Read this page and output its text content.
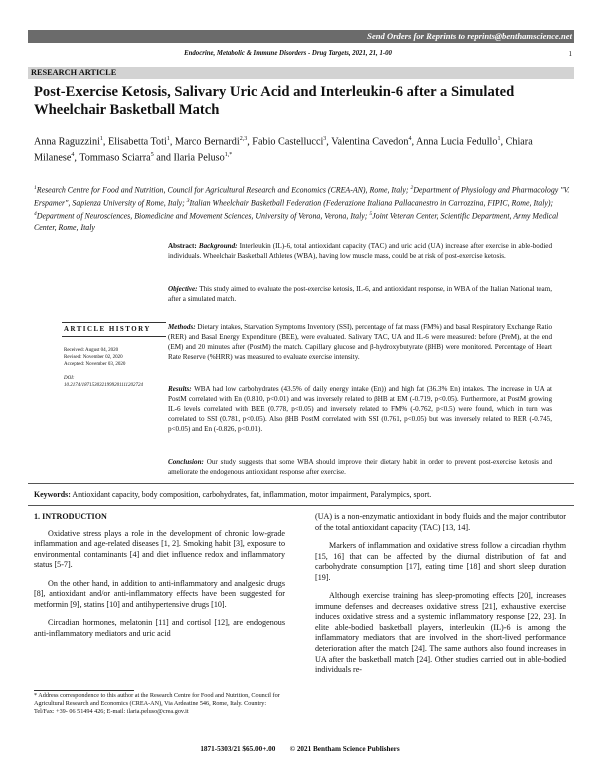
Send Orders for Reprints to reprints@benthamscience.net
Endocrine, Metabolic & Immune Disorders - Drug Targets, 2021, 21, 1-00	1
RESEARCH ARTICLE
Post-Exercise Ketosis, Salivary Uric Acid and Interleukin-6 after a Simulated Wheelchair Basketball Match
Anna Raguzzini$^1$, Elisabetta Toti$^1$, Marco Bernardi$^{2,3}$, Fabio Castellucci$^3$, Valentina Cavedon$^4$, Anna Lucia Fedullo$^1$, Chiara Milanese$^4$, Tommaso Sciarra$^5$ and Ilaria Peluso$^{1,*}$
$^1$Research Centre for Food and Nutrition, Council for Agricultural Research and Economics (CREA-AN), Rome, Italy; $^2$Department of Physiology and Pharmacology "V. Erspamer", Sapienza University of Rome, Italy; $^3$Italian Wheelchair Basketball Federation (Federazione Italiana Pallacanestro in Carrozzina, FIPIC, Rome, Italy); $^4$Department of Neurosciences, Biomedicine and Movement Sciences, University of Verona, Verona, Italy; $^5$Joint Veteran Center, Scientific Department, Army Medical Center, Rome, Italy
ARTICLE HISTORY
Received: August 04, 2020
Revised: November 02, 2020
Accepted: November 03, 2020
DOI:
10.2174/1871530321999201111202724
Abstract: Background: Interleukin (IL)-6, total antioxidant capacity (TAC) and uric acid (UA) increase after exercise in able-bodied individuals. Wheelchair Basketball Athletes (WBA), having low muscle mass, could be at risk of post-exercise ketosis.
Objective: This study aimed to evaluate the post-exercise ketosis, IL-6, and antioxidant response, in WBA of the Italian National team, after a simulated match.
Methods: Dietary intakes, Starvation Symptoms Inventory (SSI), percentage of fat mass (FM%) and basal Respiratory Exchange Ratio (RER) and Basal Energy Expenditure (BEE), were evaluated. Salivary TAC, UA and IL-6 were measured: before (PreM), at the end (EM) and 20 minutes after (PostM) the match. Capillary glucose and β-hydroxybutyrate (βHB) were monitored. Percentage of Heart Rate Reserve (%HRR) was measured to evaluate exercise intensity.
Results: WBA had low carbohydrates (43.5% of daily energy intake (En)) and high fat (36.3% En) intakes. The increase in UA at PostM correlated with En (0.810, p<0.01) and was inversely related to βHB at EM (-0.719, p<0.05). Furthermore, at PostM growing IL-6 levels correlated with BEE (0.778, p<0.05) and inversely related to FM% (-0.762, p<0.5) were found, which in turn was correlated to SSI (0.781, p<0.05). Also βHB PostM correlated with SSI (0.761, p<0.05) but was inversely related to RER (-0.745, p<0.05) and En (-0.826, p<0.01).
Conclusion: Our study suggests that some WBA should improve their dietary habit in order to prevent post-exercise ketosis and ameliorate the endogenous antioxidant response after exercise.
Keywords: Antioxidant capacity, body composition, carbohydrates, fat, inflammation, motor impairment, Paralympics, sport.
1. INTRODUCTION

Oxidative stress plays a role in the development of chronic low-grade inflammation and age-related diseases [1, 2]. Smoking habit [3], exposure to environmental contaminants [4] and diet influence redox and inflammatory status [5-7].

On the other hand, in addition to anti-inflammatory and analgesic drugs [8], antioxidant and/or anti-inflammatory effects have been suggested for metformin [9], statins [10] and antihypertensive drugs [10].

Circadian hormones, melatonin [11] and cortisol [12], are endogenous anti-inflammatory mediators and uric acid

(UA) is a non-enzymatic antioxidant in body fluids and the major contributor of the total antioxidant capacity (TAC) [13, 14].

Markers of inflammation and oxidative stress follow a circadian rhythm [15, 16] that can be affected by the diurnal distribution of fat and carbohydrate consumption [17], eating time [18] and short sleep duration [19].

Although exercise training has sleep-promoting effects [20], increases immune defenses and decreases oxidative stress [21], exhaustive exercise induces oxidative stress and a systemic inflammatory response [22, 23]. In elite able-bodied basketball players, interleukin (IL)-6 is among the inflammatory mediators that are involved in the short-lived performance deterioration after the match [24]. The same authors also found increases in UA after the basketball match [24]. Other studies carried out in able-bodied individuals re-

* Address correspondence to this author at the Research Centre for Food and Nutrition, Council for Agricultural Research and Economics (CREA-AN), Via Ardeatine 546, Rome, Italy. Country: Tel/Fax: +39- 06 51494 426; E-mail: ilaria.peluso@crea.gov.it
1871-5303/21 $65.00+.00 © 2021 Bentham Science Publishers
